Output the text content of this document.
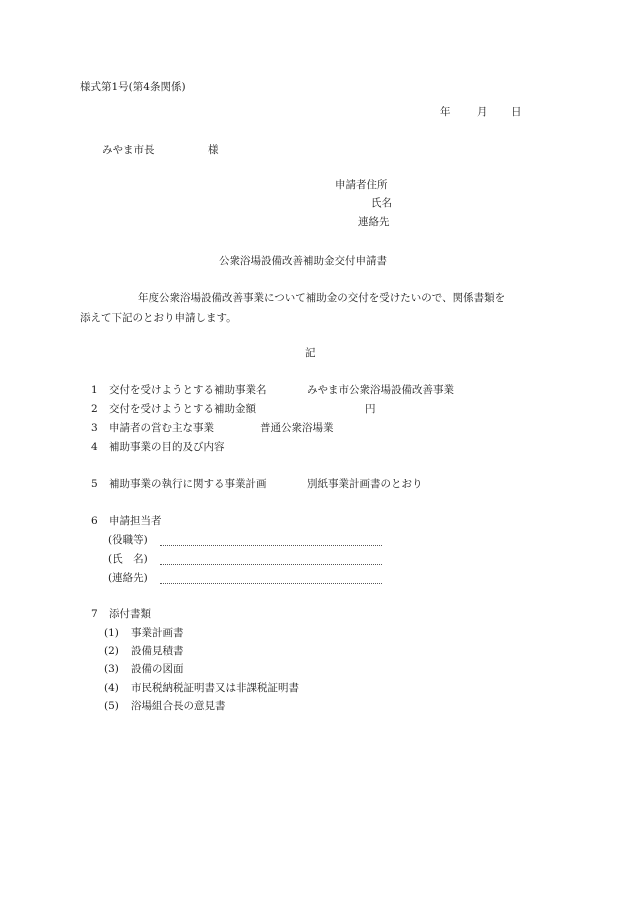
様式第1号(第4条関係)
年	月 日
みやま市長	様
申請者住所
氏名
連絡先
公衆浴場設備改善補助金交付申請書
年度公衆浴場設備改善事業について補助金の交付を受けたいので、関係書類を
添えて下記のとおり申請します。
記
1 交付を受けようとする補助事業名	みやま市公衆浴場設備改善事業
2 交付を受けようとする補助金額	円
3 申請者の営む主な事業	普通公衆浴場業
4 補助事業の目的及び内容
5 補助事業の執行に関する事業計画	別紙事業計画書のとおり
6 申請担当者
(役職等)
(氏　名)
(連絡先)
7 添付書類
(1) 事業計画書
(2) 設備見積書
(3) 設備の図面
(4) 市民税納税証明書又は非課税証明書
(5) 浴場組合長の意見書
